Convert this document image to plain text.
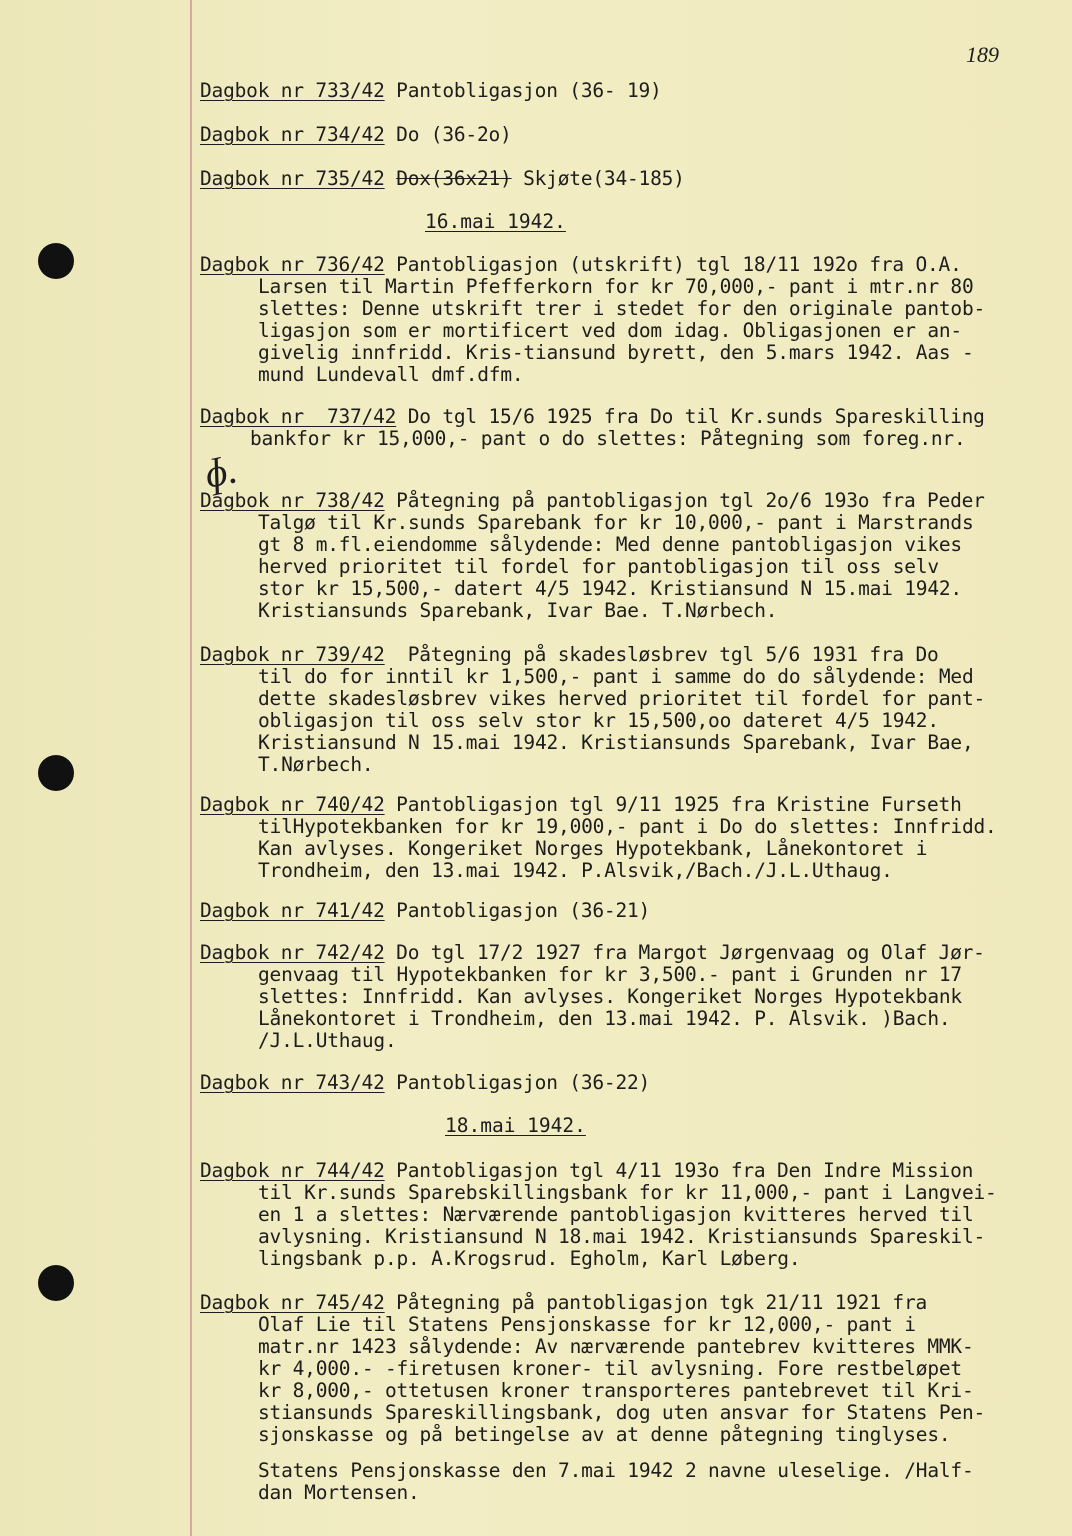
189
Dagbok nr 733/42 Pantobligasjon (36- 19)
Dagbok nr 734/42 Do (36-2o)
Dagbok nr 735/42 Dox(36x21) Skjøte(34-185)
16.mai 1942.
Dagbok nr 736/42 Pantobligasjon (utskrift) tgl 18/11 192o fra O.A.
Larsen til Martin Pfefferkorn for kr 70,000,- pant i mtr.nr 80
slettes: Denne utskrift trer i stedet for den originale pantob-
ligasjon som er mortificert ved dom idag. Obligasjonen er an-
givelig innfridd. Kris-tiansund byrett, den 5.mars 1942. Aas -
mund Lundevall dmf.dfm.
Dagbok nr  737/42 Do tgl 15/6 1925 fra Do til Kr.sunds Spareskilling
bankfor kr 15,000,- pant o do slettes: Påtegning som foreg.nr.
ɸ.
Dagbok nr 738/42 Påtegning på pantobligasjon tgl 2o/6 193o fra Peder
Talgø til Kr.sunds Sparebank for kr 10,000,- pant i Marstrands
gt 8 m.fl.eiendomme sålydende: Med denne pantobligasjon vikes
herved prioritet til fordel for pantobligasjon til oss selv
stor kr 15,500,- datert 4/5 1942. Kristiansund N 15.mai 1942.
Kristiansunds Sparebank, Ivar Bae. T.Nørbech.
Dagbok nr 739/42  Påtegning på skadesløsbrev tgl 5/6 1931 fra Do
til do for inntil kr 1,500,- pant i samme do do sålydende: Med
dette skadesløsbrev vikes herved prioritet til fordel for pant-
obligasjon til oss selv stor kr 15,500,oo dateret 4/5 1942.
Kristiansund N 15.mai 1942. Kristiansunds Sparebank, Ivar Bae,
T.Nørbech.
Dagbok nr 740/42 Pantobligasjon tgl 9/11 1925 fra Kristine Furseth
tilHypotekbanken for kr 19,000,- pant i Do do slettes: Innfridd.
Kan avlyses. Kongeriket Norges Hypotekbank, Lånekontoret i
Trondheim, den 13.mai 1942. P.Alsvik,/Bach./J.L.Uthaug.
Dagbok nr 741/42 Pantobligasjon (36-21)
Dagbok nr 742/42 Do tgl 17/2 1927 fra Margot Jørgenvaag og Olaf Jør-
genvaag til Hypotekbanken for kr 3,500.- pant i Grunden nr 17
slettes: Innfridd. Kan avlyses. Kongeriket Norges Hypotekbank
Lånekontoret i Trondheim, den 13.mai 1942. P. Alsvik. )Bach.
/J.L.Uthaug.
Dagbok nr 743/42 Pantobligasjon (36-22)
18.mai 1942.
Dagbok nr 744/42 Pantobligasjon tgl 4/11 193o fra Den Indre Mission
til Kr.sunds Sparebskillingsbank for kr 11,000,- pant i Langvei-
en 1 a slettes: Nærværende pantobligasjon kvitteres herved til
avlysning. Kristiansund N 18.mai 1942. Kristiansunds Spareskil-
lingsbank p.p. A.Krogsrud. Egholm, Karl Løberg.
Dagbok nr 745/42 Påtegning på pantobligasjon tgk 21/11 1921 fra
Olaf Lie til Statens Pensjonskasse for kr 12,000,- pant i
matr.nr 1423 sålydende: Av nærværende pantebrev kvitteres MMK-
kr 4,000.- -firetusen kroner- til avlysning. Fore restbeløpet
kr 8,000,- ottetusen kroner transporteres pantebrevet til Kri-
stiansunds Spareskillingsbank, dog uten ansvar for Statens Pen-
sjonskasse og på betingelse av at denne påtegning tinglyses.
Statens Pensjonskasse den 7.mai 1942 2 navne uleselige. /Half-
dan Mortensen.
